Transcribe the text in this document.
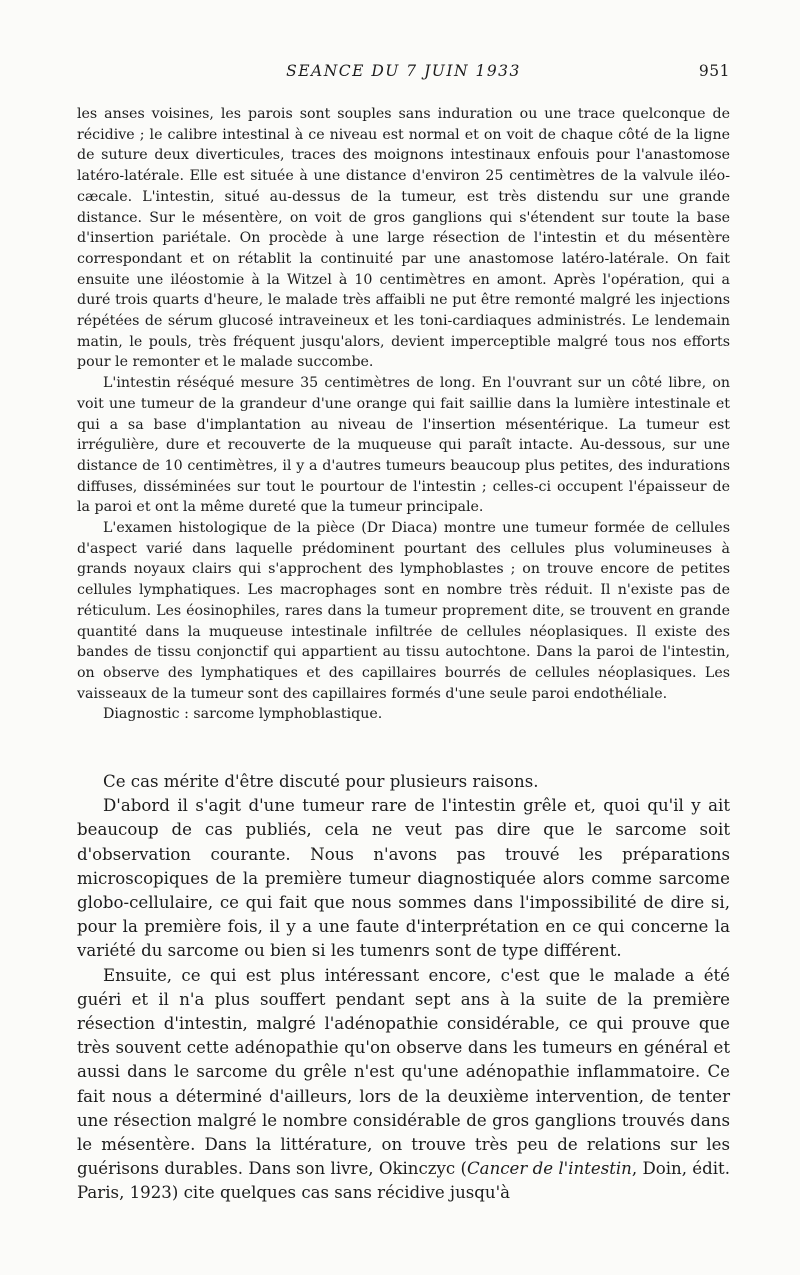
SEANCE DU 7 JUIN 1933	951

les anses voisines, les parois sont souples sans induration ou une trace quelconque de récidive ; le calibre intestinal à ce niveau est normal et on voit de chaque côté de la ligne de suture deux diverticules, traces des moignons intestinaux enfouis pour l'anastomose latéro-latérale. Elle est située à une distance d'environ 25 centimètres de la valvule iléo-cæcale. L'intestin, situé au-dessus de la tumeur, est très distendu sur une grande distance. Sur le mésentère, on voit de gros ganglions qui s'étendent sur toute la base d'insertion pariétale. On procède à une large résection de l'intestin et du mésentère correspondant et on rétablit la continuité par une anastomose latéro-latérale. On fait ensuite une iléostomie à la Witzel à 10 centimètres en amont. Après l'opération, qui a duré trois quarts d'heure, le malade très affaibli ne put être remonté malgré les injections répétées de sérum glucosé intraveineux et les toni-cardiaques administrés. Le lendemain matin, le pouls, très fréquent jusqu'alors, devient imperceptible malgré tous nos efforts pour le remonter et le malade succombe.

L'intestin réséqué mesure 35 centimètres de long. En l'ouvrant sur un côté libre, on voit une tumeur de la grandeur d'une orange qui fait saillie dans la lumière intestinale et qui a sa base d'implantation au niveau de l'insertion mésentérique. La tumeur est irrégulière, dure et recouverte de la muqueuse qui paraît intacte. Au-dessous, sur une distance de 10 centimètres, il y a d'autres tumeurs beaucoup plus petites, des indurations diffuses, disséminées sur tout le pourtour de l'intestin ; celles-ci occupent l'épaisseur de la paroi et ont la même dureté que la tumeur principale.

L'examen histologique de la pièce (Dr Diaca) montre une tumeur formée de cellules d'aspect varié dans laquelle prédominent pourtant des cellules plus volumineuses à grands noyaux clairs qui s'approchent des lymphoblastes ; on trouve encore de petites cellules lymphatiques. Les macrophages sont en nombre très réduit. Il n'existe pas de réticulum. Les éosinophiles, rares dans la tumeur proprement dite, se trouvent en grande quantité dans la muqueuse intestinale infiltrée de cellules néoplasiques. Il existe des bandes de tissu conjonctif qui appartient au tissu autochtone. Dans la paroi de l'intestin, on observe des lymphatiques et des capillaires bourrés de cellules néoplasiques. Les vaisseaux de la tumeur sont des capillaires formés d'une seule paroi endothéliale.

Diagnostic : sarcome lymphoblastique.

Ce cas mérite d'être discuté pour plusieurs raisons.

D'abord il s'agit d'une tumeur rare de l'intestin grêle et, quoi qu'il y ait beaucoup de cas publiés, cela ne veut pas dire que le sarcome soit d'observation courante. Nous n'avons pas trouvé les préparations microscopiques de la première tumeur diagnostiquée alors comme sarcome globo-cellulaire, ce qui fait que nous sommes dans l'impossibilité de dire si, pour la première fois, il y a une faute d'interprétation en ce qui concerne la variété du sarcome ou bien si les tumenrs sont de type différent.

Ensuite, ce qui est plus intéressant encore, c'est que le malade a été guéri et il n'a plus souffert pendant sept ans à la suite de la première résection d'intestin, malgré l'adénopathie considérable, ce qui prouve que très souvent cette adénopathie qu'on observe dans les tumeurs en général et aussi dans le sarcome du grêle n'est qu'une adénopathie inflammatoire. Ce fait nous a déterminé d'ailleurs, lors de la deuxième intervention, de tenter une résection malgré le nombre considérable de gros ganglions trouvés dans le mésentère. Dans la littérature, on trouve très peu de relations sur les guérisons durables. Dans son livre, Okinczyc (Cancer de l'intestin, Doin, édit. Paris, 1923) cite quelques cas sans récidive jusqu'à
